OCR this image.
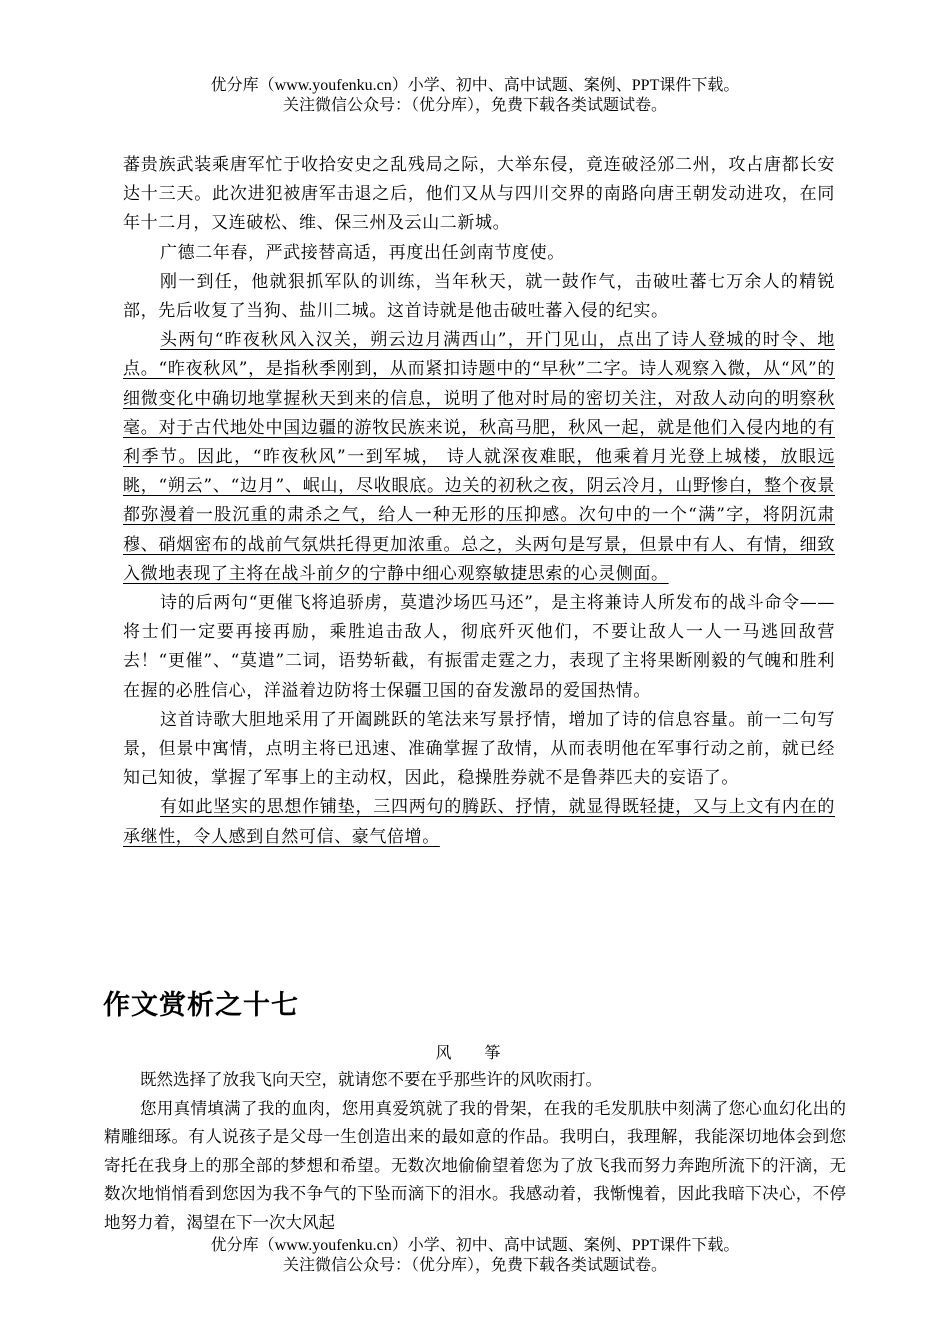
优分库（www.youfenku.cn）小学、初中、高中试题、案例、PPT课件下载。
关注微信公众号：（优分库），免费下载各类试题试卷。

蕃贵族武装乘唐军忙于收拾安史之乱残局之际，大举东侵，竟连破泾邠二州，攻占唐都长安达十三天。此次进犯被唐军击退之后，他们又从与四川交界的南路向唐王朝发动进攻，在同年十二月，又连破松、维、保三州及云山二新城。

广德二年春，严武接替高适，再度出任剑南节度使。

刚一到任，他就狠抓军队的训练，当年秋天，就一鼓作气，击破吐蕃七万余人的精锐部，先后收复了当狗、盐川二城。这首诗就是他击破吐蕃入侵的纪实。

头两句“昨夜秋风入汉关，朔云边月满西山”，开门见山，点出了诗人登城的时令、地点。“昨夜秋风”，是指秋季刚到，从而紧扣诗题中的“早秋”二字。诗人观察入微，从“风”的细微变化中确切地掌握秋天到来的信息，说明了他对时局的密切关注，对敌人动向的明察秋毫。对于古代地处中国边疆的游牧民族来说，秋高马肥，秋风一起，就是他们入侵内地的有利季节。因此，“昨夜秋风”一到军城， 诗人就深夜难眠，他乘着月光登上城楼，放眼远眺，“朔云”、“边月”、岷山，尽收眼底。边关的初秋之夜，阴云冷月，山野惨白，整个夜景都弥漫着一股沉重的肃杀之气，给人一种无形的压抑感。次句中的一个“满”字，将阴沉肃穆、硝烟密布的战前气氛烘托得更加浓重。总之，头两句是写景，但景中有人、有情，细致入微地表现了主将在战斗前夕的宁静中细心观察敏捷思索的心灵侧面。

诗的后两句“更催飞将追骄虏，莫遣沙场匹马还”，是主将兼诗人所发布的战斗命令—— 将士们一定要再接再励，乘胜追击敌人，彻底歼灭他们，不要让敌人一人一马逃回敌营去！“更催”、“莫遣”二词，语势斩截，有振雷走霆之力，表现了主将果断刚毅的气魄和胜利在握的必胜信心，洋溢着边防将士保疆卫国的奋发激昂的爱国热情。

这首诗歌大胆地采用了开阖跳跃的笔法来写景抒情，增加了诗的信息容量。前一二句写景，但景中寓情，点明主将已迅速、准确掌握了敌情，从而表明他在军事行动之前，就已经知己知彼，掌握了军事上的主动权，因此，稳操胜券就不是鲁莽匹夫的妄语了。

有如此坚实的思想作铺垫，三四两句的腾跃、抒情，就显得既轻捷，又与上文有内在的承继性，令人感到自然可信、豪气倍增。

作文赏析之十七
风 筝

既然选择了放我飞向天空，就请您不要在乎那些许的风吹雨打。

您用真情填满了我的血肉，您用真爱筑就了我的骨架，在我的毛发肌肤中刻满了您心血幻化出的精雕细琢。有人说孩子是父母一生创造出来的最如意的作品。我明白，我理解，我能深切地体会到您寄托在我身上的那全部的梦想和希望。无数次地偷偷望着您为了放飞我而努力奔跑所流下的汗滴，无数次地悄悄看到您因为我不争气的下坠而滴下的泪水。我感动着，我惭愧着，因此我暗下决心，不停地努力着，渴望在下一次大风起

优分库（www.youfenku.cn）小学、初中、高中试题、案例、PPT课件下载。
关注微信公众号：（优分库），免费下载各类试题试卷。
